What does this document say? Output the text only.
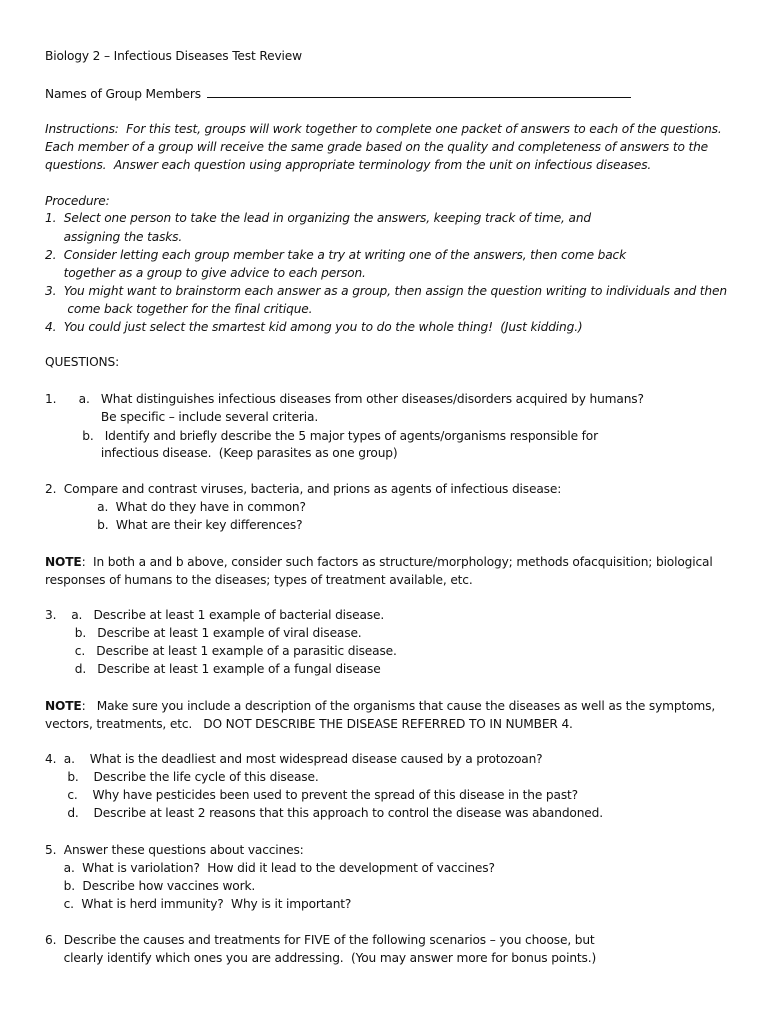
Biology 2 – Infectious Diseases Test Review
Names of Group Members
Instructions:  For this test, groups will work together to complete one packet of answers to each of the questions.
Each member of a group will receive the same grade based on the quality and completeness of answers to the
questions.  Answer each question using appropriate terminology from the unit on infectious diseases.
Procedure:
1.  Select one person to take the lead in organizing the answers, keeping track of time, and
assigning the tasks.
2.  Consider letting each group member take a try at writing one of the answers, then come back
together as a group to give advice to each person.
3.  You might want to brainstorm each answer as a group, then assign the question writing to individuals and then
come back together for the final critique.
4.  You could just select the smartest kid among you to do the whole thing!  (Just kidding.)
QUESTIONS:
1.      a.   What distinguishes infectious diseases from other diseases/disorders acquired by humans?
Be specific – include several criteria.
b.   Identify and briefly describe the 5 major types of agents/organisms responsible for
infectious disease.  (Keep parasites as one group)
2.  Compare and contrast viruses, bacteria, and prions as agents of infectious disease:
a.  What do they have in common?
b.  What are their key differences?
NOTE:  In both a and b above, consider such factors as structure/morphology; methods ofacquisition; biological
responses of humans to the diseases; types of treatment available, etc.
3.    a.   Describe at least 1 example of bacterial disease.
b.   Describe at least 1 example of viral disease.
c.   Describe at least 1 example of a parasitic disease.
d.   Describe at least 1 example of a fungal disease
NOTE:   Make sure you include a description of the organisms that cause the diseases as well as the symptoms,
vectors, treatments, etc.   DO NOT DESCRIBE THE DISEASE REFERRED TO IN NUMBER 4.
4.  a.    What is the deadliest and most widespread disease caused by a protozoan?
b.    Describe the life cycle of this disease.
c.    Why have pesticides been used to prevent the spread of this disease in the past?
d.    Describe at least 2 reasons that this approach to control the disease was abandoned.
5.  Answer these questions about vaccines:
a.  What is variolation?  How did it lead to the development of vaccines?
b.  Describe how vaccines work.
c.  What is herd immunity?  Why is it important?
6.  Describe the causes and treatments for FIVE of the following scenarios – you choose, but
clearly identify which ones you are addressing.  (You may answer more for bonus points.)
